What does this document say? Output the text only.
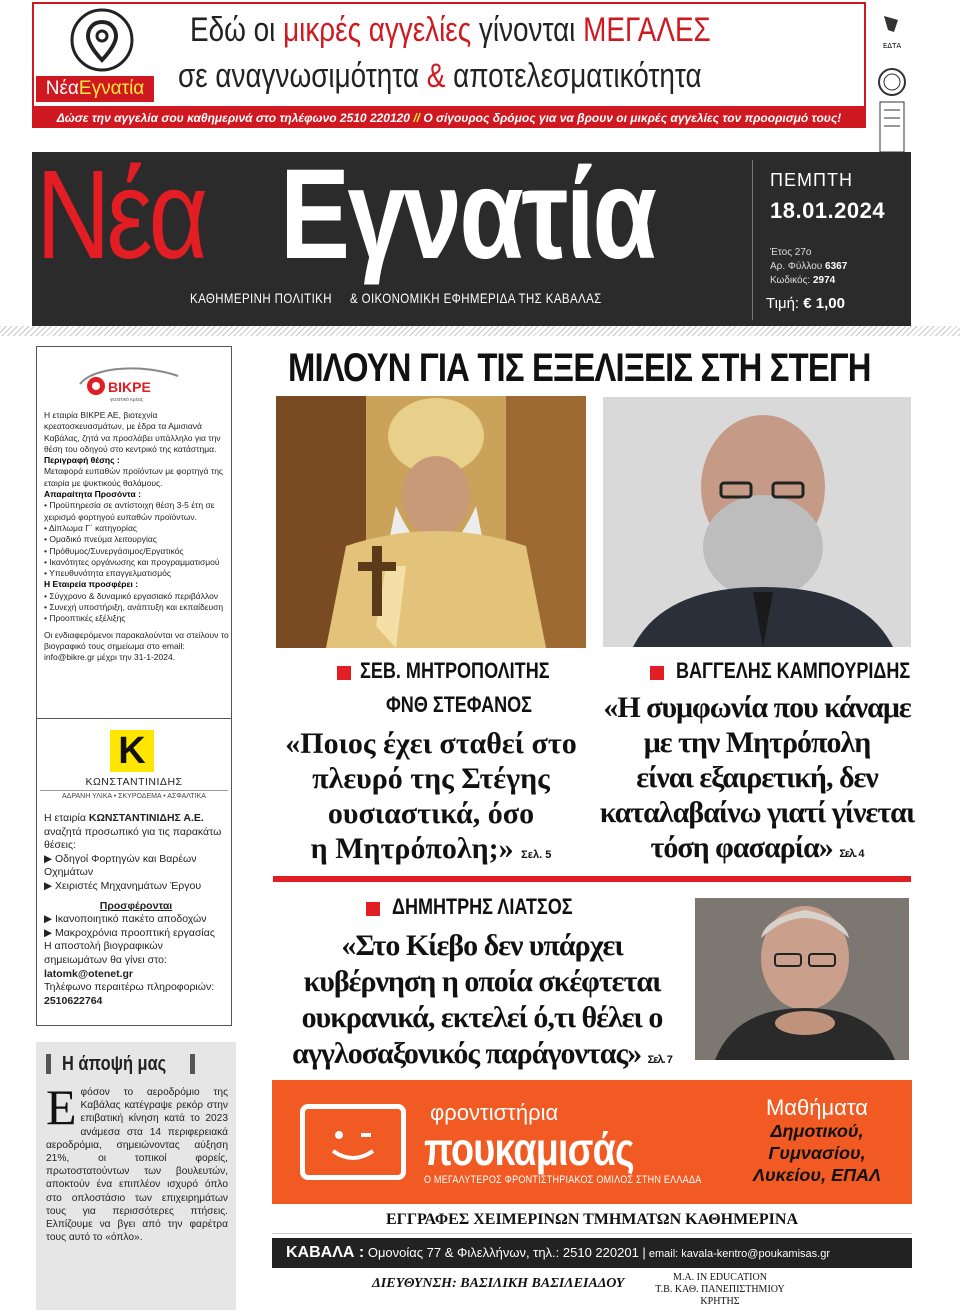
ΝέαΕγνατία
Εδώ οι μικρές αγγελίες γίνονται ΜΕΓΑΛΕΣ
σε αναγνωσιμότητα & αποτελεσματικότητα
Δώσε την αγγελία σου καθημερινά στο τηλέφωνο 2510 220120 // Ο σίγουρος δρόμος για να βρουν οι μικρές αγγελίες τον προορισμό τους!
ΕΔΤΑ
Νέα Εγνατία
ΚΑΘΗΜΕΡΙΝΗ ΠΟΛΙΤΙΚΗ & ΟΙΚΟΝΟΜΙΚΗ ΕΦΗΜΕΡΙΔΑ ΤΗΣ ΚΑΒΑΛΑΣ
ΠΕΜΠΤΗ
18.01.2024
Έτος 27ο
Αρ. Φύλλου 6367
Κωδικός: 2974
Τιμή: € 1,00
ΒΙΚΡΕ
γευστικό κρέας

Η εταιρία ΒΙΚΡΕ ΑΕ, βιοτεχνία κρεατοσκευασμάτων, με έδρα τα Αμισιανά Καβάλας, ζητά να προσλάβει υπάλληλο για την θέση του οδηγού στο κεντρικό της κατάστημα.

Περιγραφή θέσης :

Μεταφορά ευπαθών προϊόντων με φορτηγά της εταιρία με ψυκτικούς θαλάμους.

Απαραίτητα Προσόντα :

• Προϋπηρεσία σε αντίστοιχη θέση 3-5 έτη σε χειρισμό φορτηγού ευπαθών προϊόντων.

• Δίπλωμα Γ΄ κατηγορίας

• Ομαδικό πνεύμα λειτουργίας

• Πρόθυμος/Συνεργάσιμος/Εργατικός

• Ικανότητες οργάνωσης και προγραμματισμού

• Υπευθυνότητα επαγγελματισμός

Η Εταιρεία προσφέρει :

• Σύγχρονο & δυναμικό εργασιακό περιβάλλον

• Συνεχή υποστήριξη, ανάπτυξη και εκπαίδευση

• Προοπτικές εξέλιξης

Οι ενδιαφερόμενοι παρακαλούνται να στείλουν το βιογραφικό τους σημείωμα στο email: info@bikre.gr μέχρι την 31-1-2024.

Κ
ΚΩΝΣΤΑΝΤΙΝΙΔΗΣ
ΑΔΡΑΝΗ ΥΛΙΚΑ • ΣΚΥΡΟΔΕΜΑ • ΑΣΦΑΛΤΙΚΑ

Η εταιρία ΚΩΝΣΤΑΝΤΙΝΙΔΗΣ Α.Ε. αναζητά προσωπικό για τις παρακάτω θέσεις:

▶ Οδηγοί Φορτηγών και Βαρέων Οχημάτων

▶ Χειριστές Μηχανημάτων Έργου

Προσφέρονται

▶ Ικανοποιητικό πακέτο αποδοχών

▶ Μακροχρόνια προοπτική εργασίας

Η αποστολή βιογραφικών σημειωμάτων θα γίνει στο: latomk@otenet.gr

Τηλέφωνο περαιτέρω πληροφοριών: 2510622764

Η άποψή μας
Εφόσον το αεροδρόμιο της Καβάλας κατέγραψε ρεκόρ στην επιβατική κίνηση κατά το 2023 ανάμεσα στα 14 περιφερειακά αεροδρόμια, σημειώνοντας αύξηση 21%, οι τοπικοί φορείς, πρωτοστατούντων των βουλευτών, αποκτούν ένα επιπλέον ισχυρό όπλο στο οπλοστάσιο των επιχειρημάτων τους για περισσότερες πτήσεις. Ελπίζουμε να βγει από την φαρέτρα τους αυτό το «όπλο».
ΜΙΛΟΥΝ ΓΙΑ ΤΙΣ ΕΞΕΛΙΞΕΙΣ ΣΤΗ ΣΤΕΓΗ
ΣΕΒ. ΜΗΤΡΟΠΟΛΙΤΗΣ
ΦΝΘ ΣΤΕΦΑΝΟΣ
«Ποιος έχει σταθεί στο
πλευρό της Στέγης
ουσιαστικά, όσο
η Μητρόπολη;» Σελ. 5
ΒΑΓΓΕΛΗΣ ΚΑΜΠΟΥΡΙΔΗΣ
«Η συμφωνία που κάναμε
με την Μητρόπολη
είναι εξαιρετική, δεν
καταλαβαίνω γιατί γίνεται
τόση φασαρία» Σελ. 4
ΔΗΜΗΤΡΗΣ ΛΙΑΤΣΟΣ
«Στο Κίεβο δεν υπάρχει
κυβέρνηση η οποία σκέφτεται
ουκρανικά, εκτελεί ό,τι θέλει ο
αγγλοσαξονικός παράγοντας» Σελ. 7
φροντιστήρια
πουκαμισάς
Ο ΜΕΓΑΛΥΤΕΡΟΣ ΦΡΟΝΤΙΣΤΗΡΙΑΚΟΣ ΟΜΙΛΟΣ ΣΤΗΝ ΕΛΛΑΔΑ
Μαθήματα
Δημοτικού,
Γυμνασίου,
Λυκείου, ΕΠΑΛ
ΕΓΓΡΑΦΕΣ ΧΕΙΜΕΡΙΝΩΝ ΤΜΗΜΑΤΩΝ ΚΑΘΗΜΕΡΙΝΑ
ΚΑΒΑΛΑ : Ομονοίας 77 & Φιλελλήνων, τηλ.: 2510 220201 | email: kavala-kentro@poukamisas.gr
ΔΙΕΥΘΥΝΣΗ: ΒΑΣΙΛΙΚΗ ΒΑΣΙΛΕΙΑΔΟΥ	Μ.Α. IN EDUCATION
Τ.Β. ΚΑΘ. ΠΑΝΕΠΙΣΤΗΜΙΟΥ ΚΡΗΤΗΣ
